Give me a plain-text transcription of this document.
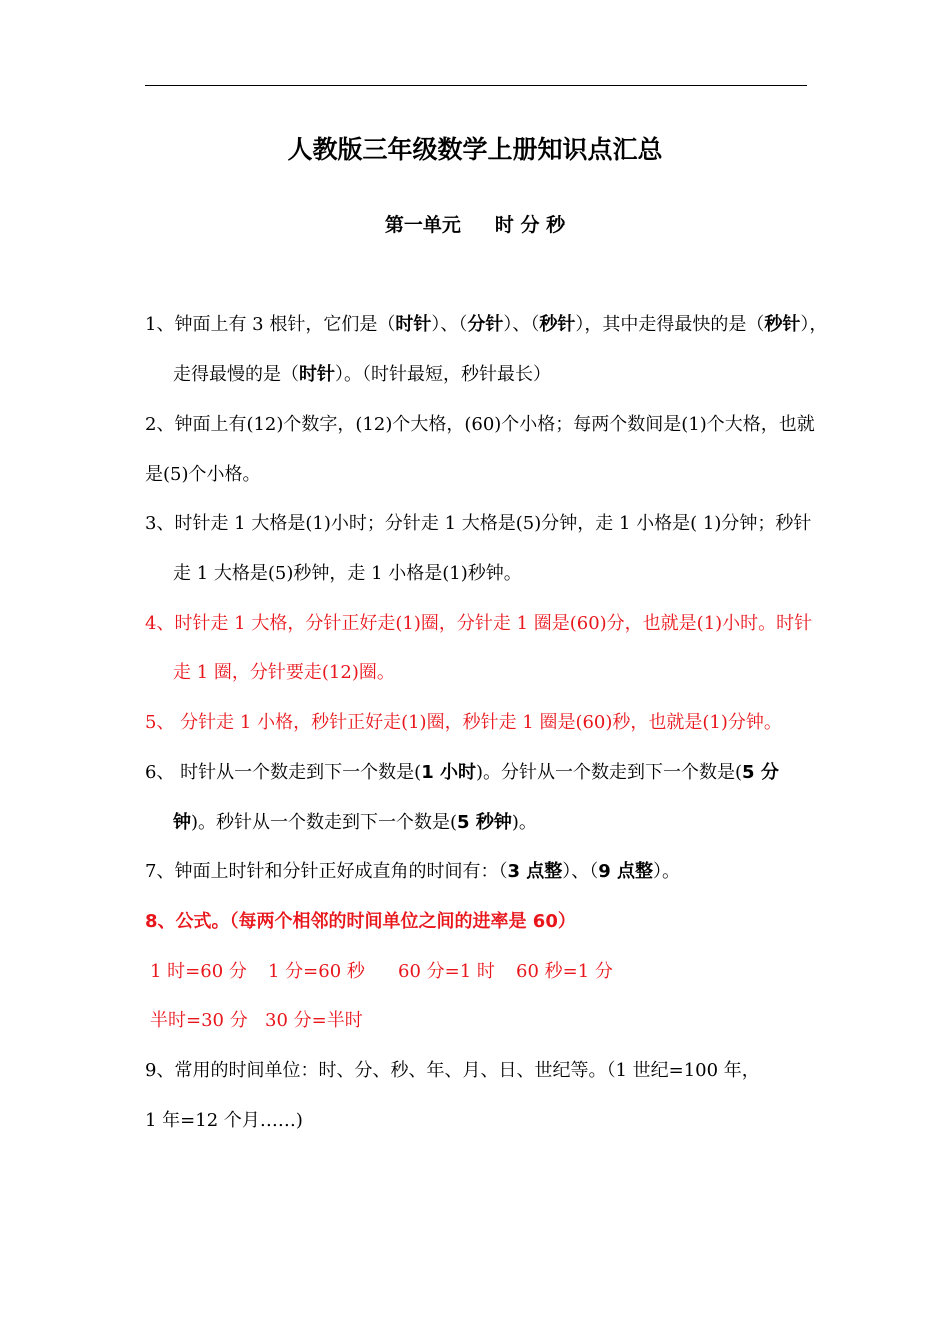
人教版三年级数学上册知识点汇总
第一单元 时 分 秒
1、钟面上有 3 根针，它们是（时针）、（分针）、（秒针），其中走得最快的是（秒针），
走得最慢的是（时针）。（时针最短，秒针最长）
2、钟面上有(12)个数字，(12)个大格，(60)个小格；每两个数间是(1)个大格，也就
是(5)个小格。
3、时针走 1 大格是(1)小时；分针走 1 大格是(5)分钟，走 1 小格是( 1)分钟；秒针
走 1 大格是(5)秒钟，走 1 小格是(1)秒钟。
4、时针走 1 大格，分针正好走(1)圈，分针走 1 圈是(60)分，也就是(1)小时。时针
走 1 圈，分针要走(12)圈。
5、 分针走 1 小格，秒针正好走(1)圈，秒针走 1 圈是(60)秒，也就是(1)分钟。
6、 时针从一个数走到下一个数是(1 小时)。分针从一个数走到下一个数是(5 分
钟)。秒针从一个数走到下一个数是(5 秒钟)。
7、钟面上时针和分针正好成直角的时间有：（3 点整）、（9 点整）。
8、公式。（每两个相邻的时间单位之间的进率是 60）
1 时=60 分 1 分=60 秒 60 分=1 时 60 秒=1 分
半时=30 分 30 分=半时
9、常用的时间单位：时、分、秒、年、月、日、世纪等。（1 世纪=100 年，
1 年=12 个月……)
